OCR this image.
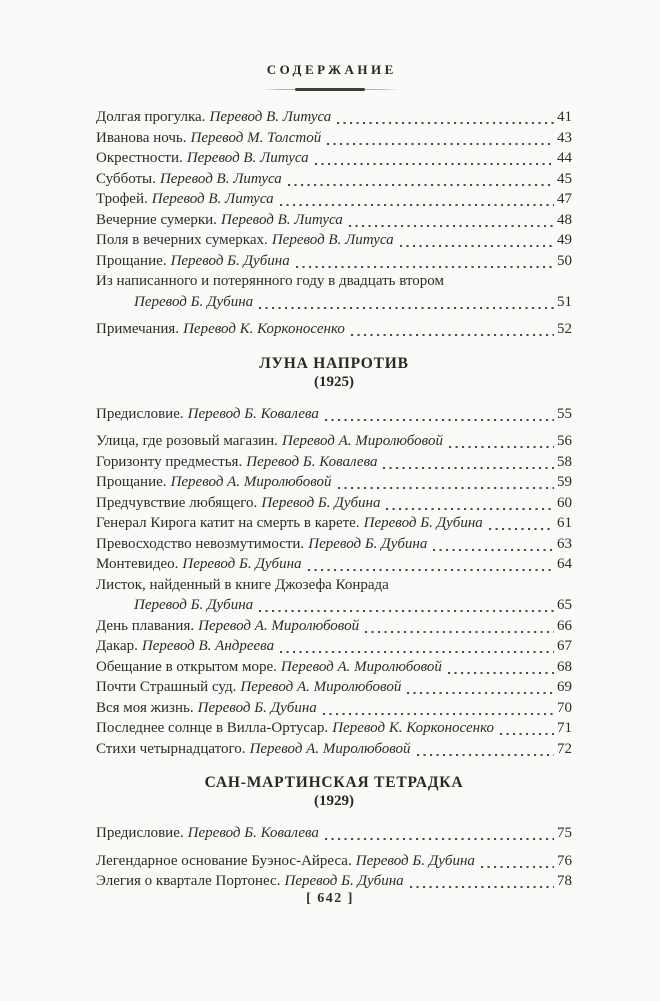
СОДЕРЖАНИЕ
Долгая прогулка. Перевод В. Литуса	41
Иванова ночь. Перевод М. Толстой	43
Окрестности. Перевод В. Литуса	44
Субботы. Перевод В. Литуса	45
Трофей. Перевод В. Литуса	47
Вечерние сумерки. Перевод В. Литуса	48
Поля в вечерних сумерках. Перевод В. Литуса	49
Прощание. Перевод Б. Дубина	50
Из написанного и потерянного году в двадцать втором
Перевод Б. Дубина	51
Примечания. Перевод К. Корконосенко	52
ЛУНА НАПРОТИВ
(1925)
Предисловие. Перевод Б. Ковалева	55
Улица, где розовый магазин. Перевод А. Миролюбовой	56
Горизонту предместья. Перевод Б. Ковалева	58
Прощание. Перевод А. Миролюбовой	59
Предчувствие любящего. Перевод Б. Дубина	60
Генерал Кирога катит на смерть в карете. Перевод Б. Дубина	61
Превосходство невозмутимости. Перевод Б. Дубина	63
Монтевидео. Перевод Б. Дубина	64
Листок, найденный в книге Джозефа Конрада
Перевод Б. Дубина	65
День плавания. Перевод А. Миролюбовой	66
Дакар. Перевод В. Андреева	67
Обещание в открытом море. Перевод А. Миролюбовой	68
Почти Страшный суд. Перевод А. Миролюбовой	69
Вся моя жизнь. Перевод Б. Дубина	70
Последнее солнце в Вилла-Ортусар. Перевод К. Корконосенко	71
Стихи четырнадцатого. Перевод А. Миролюбовой	72
САН-МАРТИНСКАЯ ТЕТРАДКА
(1929)
Предисловие. Перевод Б. Ковалева	75
Легендарное основание Буэнос-Айреса. Перевод Б. Дубина	76
Элегия о квартале Портонес. Перевод Б. Дубина	78
[ 642 ]
